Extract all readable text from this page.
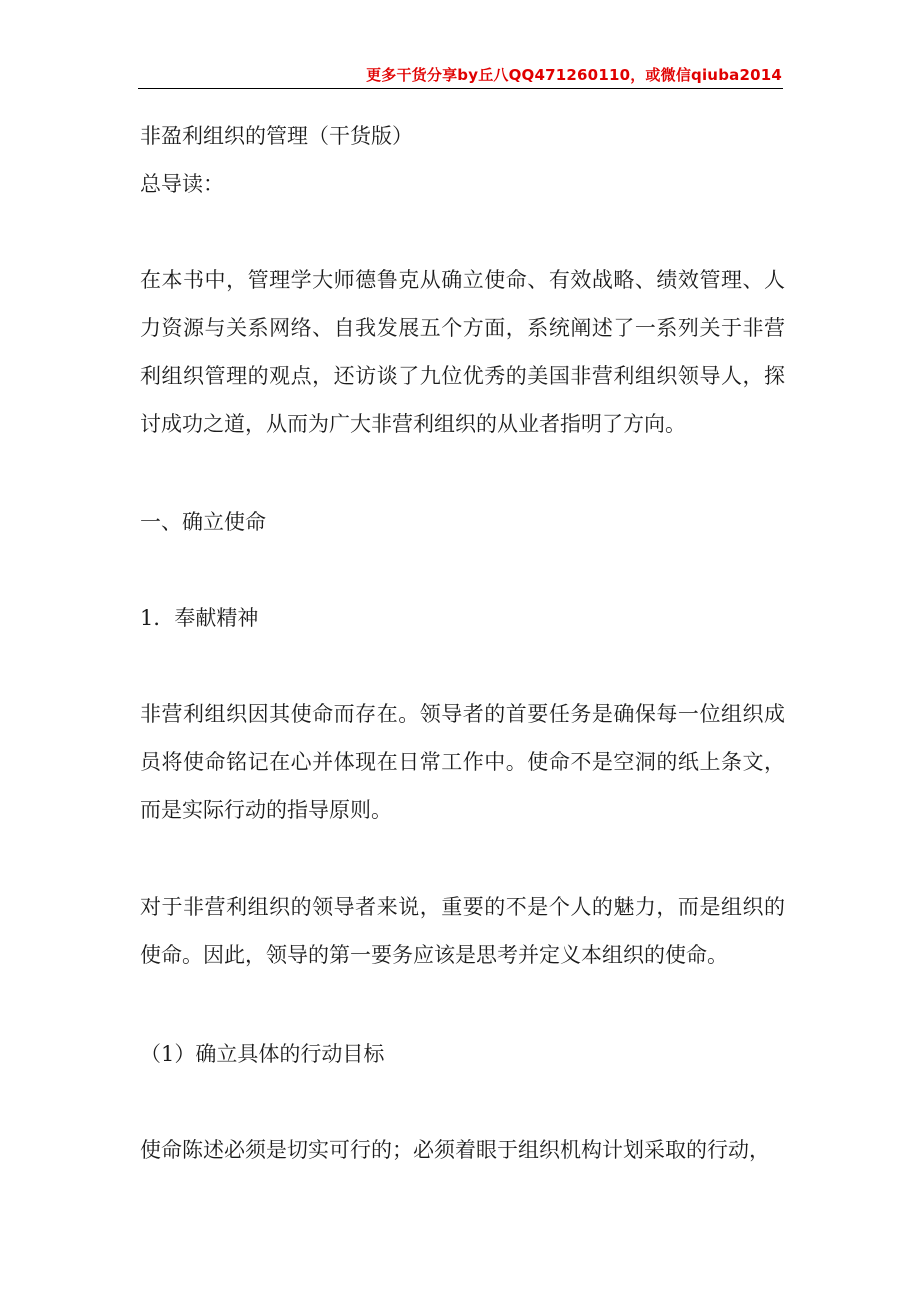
更多干货分享by丘八QQ471260110，或微信qiuba2014
非盈利组织的管理（干货版）
总导读：

在本书中，管理学大师德鲁克从确立使命、有效战略、绩效管理、人力资源与关系网络、自我发展五个方面，系统阐述了一系列关于非营利组织管理的观点，还访谈了九位优秀的美国非营利组织领导人，探讨成功之道，从而为广大非营利组织的从业者指明了方向。

一、确立使命
1．奉献精神

非营利组织因其使命而存在。领导者的首要任务是确保每一位组织成员将使命铭记在心并体现在日常工作中。使命不是空洞的纸上条文，而是实际行动的指导原则。

对于非营利组织的领导者来说，重要的不是个人的魅力，而是组织的使命。因此，领导的第一要务应该是思考并定义本组织的使命。

（1）确立具体的行动目标

使命陈述必须是切实可行的；必须着眼于组织机构计划采取的行动，
